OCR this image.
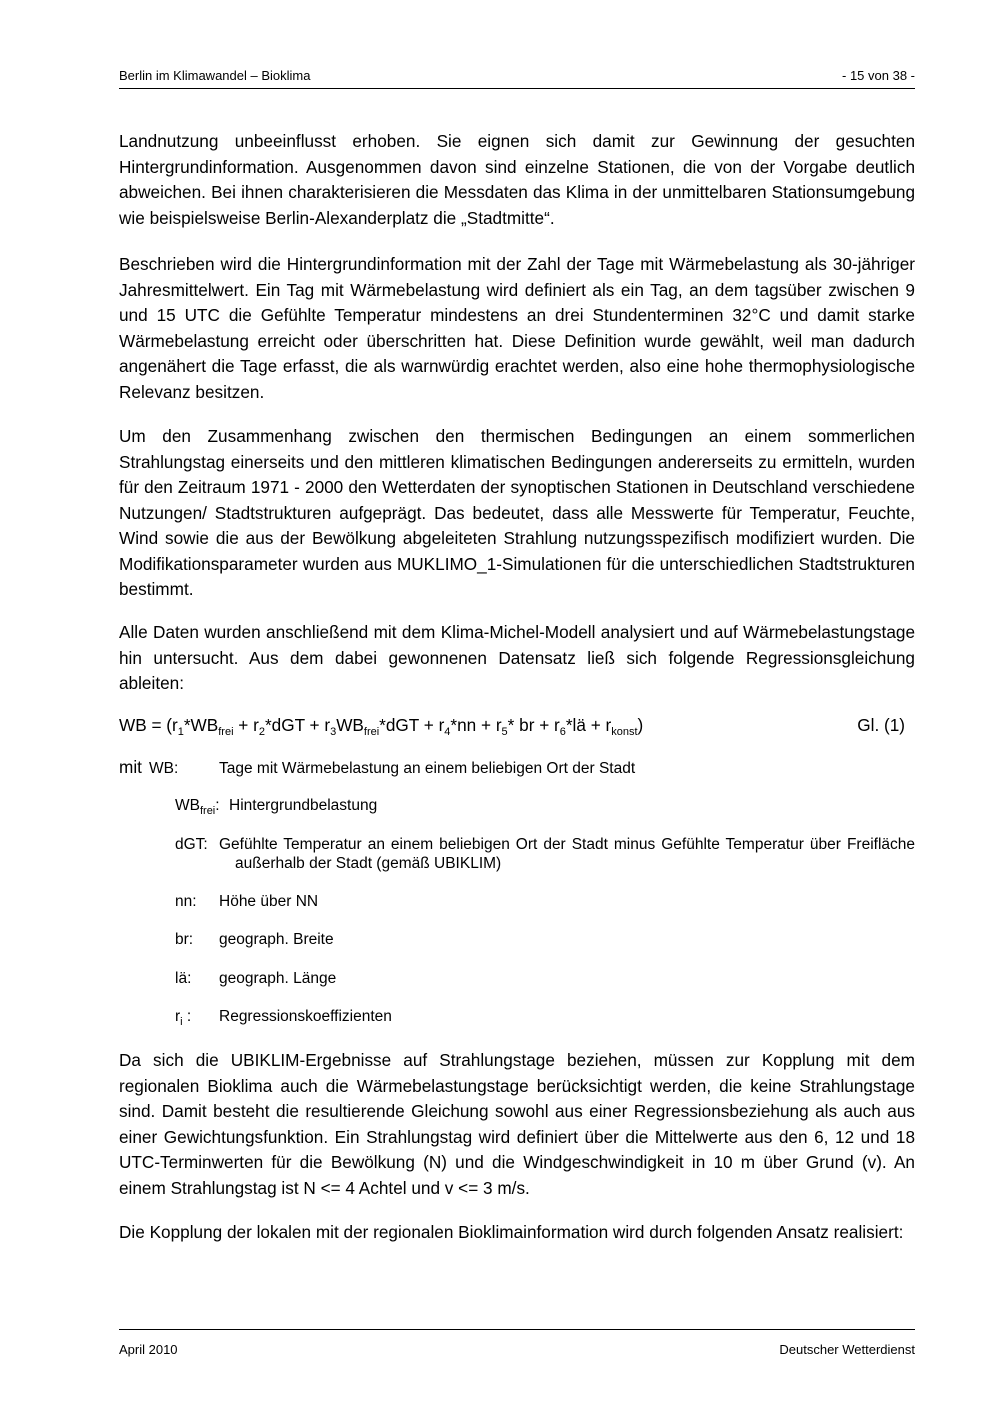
Berlin im Klimawandel – Bioklima	- 15 von 38 -

Landnutzung unbeeinflusst erhoben. Sie eignen sich damit zur Gewinnung der gesuchten Hintergrundinformation. Ausgenommen davon sind einzelne Stationen, die von der Vorgabe deutlich abweichen. Bei ihnen charakterisieren die Messdaten das Klima in der unmittelbaren Stationsumgebung wie beispielsweise Berlin-Alexanderplatz die „Stadtmitte“.

Beschrieben wird die Hintergrundinformation mit der Zahl der Tage mit Wärmebelastung als 30-jähriger Jahresmittelwert. Ein Tag mit Wärmebelastung wird definiert als ein Tag, an dem tagsüber zwischen 9 und 15 UTC die Gefühlte Temperatur mindestens an drei Stundenterminen 32°C und damit starke Wärmebelastung erreicht oder überschritten hat. Diese Definition wurde gewählt, weil man dadurch angenähert die Tage erfasst, die als warnwürdig erachtet werden, also eine hohe thermophysiologische Relevanz besitzen.

Um den Zusammenhang zwischen den thermischen Bedingungen an einem sommerlichen Strahlungstag einerseits und den mittleren klimatischen Bedingungen andererseits zu ermitteln, wurden für den Zeitraum 1971 - 2000 den Wetterdaten der synoptischen Stationen in Deutschland verschiedene Nutzungen/ Stadtstrukturen aufgeprägt. Das bedeutet, dass alle Messwerte für Temperatur, Feuchte, Wind sowie die aus der Bewölkung abgeleiteten Strahlung nutzungsspezifisch modifiziert wurden. Die Modifikationsparameter wurden aus MUKLIMO_1-Simulationen für die unterschiedlichen Stadtstrukturen bestimmt.

Alle Daten wurden anschließend mit dem Klima-Michel-Modell analysiert und auf Wärmebelastungstage hin untersucht. Aus dem dabei gewonnenen Datensatz ließ sich folgende Regressionsgleichung ableiten:

WB = ($r_1*WB_{frei} + r_2*dGT + r_3WB_{frei}*dGT + r_4*nn + r_5*$ br + $r_6*lä + r_{konst}$)	Gl. (1)
mit WB:	Tage mit Wärmebelastung an einem beliebigen Ort der Stadt
$WB_{frei}$: Hintergrundbelastung
dGT: Gefühlte Temperatur an einem beliebigen Ort der Stadt minus Gefühlte Temperatur über Freifläche außerhalb der Stadt (gemäß UBIKLIM)
nn: Höhe über NN
br: geograph. Breite
lä: geograph. Länge
$r_i$ : Regressionskoeffizienten

Da sich die UBIKLIM-Ergebnisse auf Strahlungstage beziehen, müssen zur Kopplung mit dem regionalen Bioklima auch die Wärmebelastungstage berücksichtigt werden, die keine Strahlungstage sind. Damit besteht die resultierende Gleichung sowohl aus einer Regressionsbeziehung als auch aus einer Gewichtungsfunktion. Ein Strahlungstag wird definiert über die Mittelwerte aus den 6, 12 und 18 UTC-Terminwerten für die Bewölkung (N) und die Windgeschwindigkeit in 10 m über Grund (v). An einem Strahlungstag ist N <= 4 Achtel und v <= 3 m/s.

Die Kopplung der lokalen mit der regionalen Bioklimainformation wird durch folgenden Ansatz realisiert:

April 2010	Deutscher Wetterdienst
